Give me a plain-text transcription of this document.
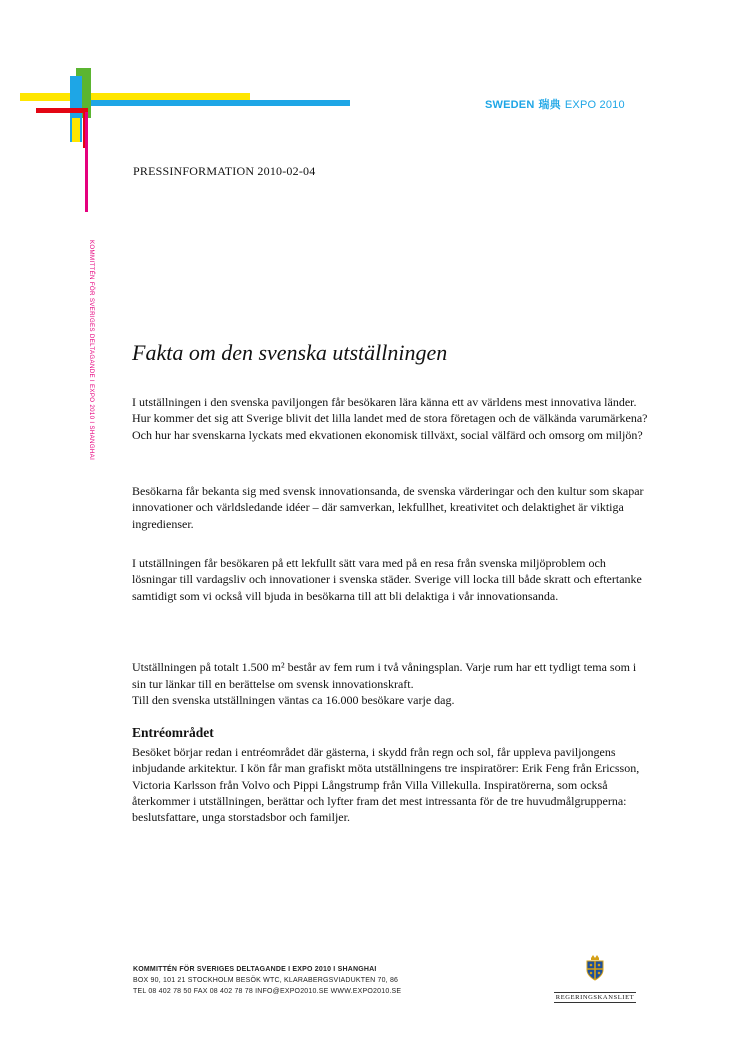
SWEDEN 瑞典 EXPO 2010
KOMMITTÉN FÖR SVERIGES DELTAGANDE I EXPO 2010 I SHANGHAI
PRESSINFORMATION 2010-02-04
Fakta om den svenska utställningen

I utställningen i den svenska paviljongen får besökaren lära känna ett av världens mest innovativa länder. Hur kommer det sig att Sverige blivit det lilla landet med de stora företagen och de välkända varumärkena? Och hur har svenskarna lyckats med ekvationen ekonomisk tillväxt, social välfärd och omsorg om miljön?

Besökarna får bekanta sig med svensk innovationsanda, de svenska värderingar och den kultur som skapar innovationer och världsledande idéer – där samverkan, lekfullhet, kreativitet och delaktighet är viktiga ingredienser.

I utställningen får besökaren på ett lekfullt sätt vara med på en resa från svenska miljöproblem och lösningar till vardagsliv och innovationer i svenska städer. Sverige vill locka till både skratt och eftertanke samtidigt som vi också vill bjuda in besökarna till att bli delaktiga i vår innovationsanda.

Utställningen på totalt 1.500 m² består av fem rum i två våningsplan. Varje rum har ett tydligt tema som i sin tur länkar till en berättelse om svensk innovationskraft.
Till den svenska utställningen väntas ca 16.000 besökare varje dag.

Entréområdet

Besöket börjar redan i entréområdet där gästerna, i skydd från regn och sol, får uppleva paviljongens inbjudande arkitektur. I kön får man grafiskt möta utställningens tre inspiratörer: Erik Feng från Ericsson, Victoria Karlsson från Volvo och Pippi Långstrump från Villa Villekulla. Inspiratörerna, som också återkommer i utställningen, berättar och lyfter fram det mest intressanta för de tre huvudmålgrupperna: beslutsfattare, unga storstadsbor och familjer.

KOMMITTÉN FÖR SVERIGES DELTAGANDE I EXPO 2010 I SHANGHAI
BOX 90, 101 21 STOCKHOLM BESÖK WTC, KLARABERGSVIADUKTEN 70, 86
TEL 08 402 78 50 FAX 08 402 78 78 INFO@EXPO2010.SE WWW.EXPO2010.SE
REGERINGSKANSLIET
